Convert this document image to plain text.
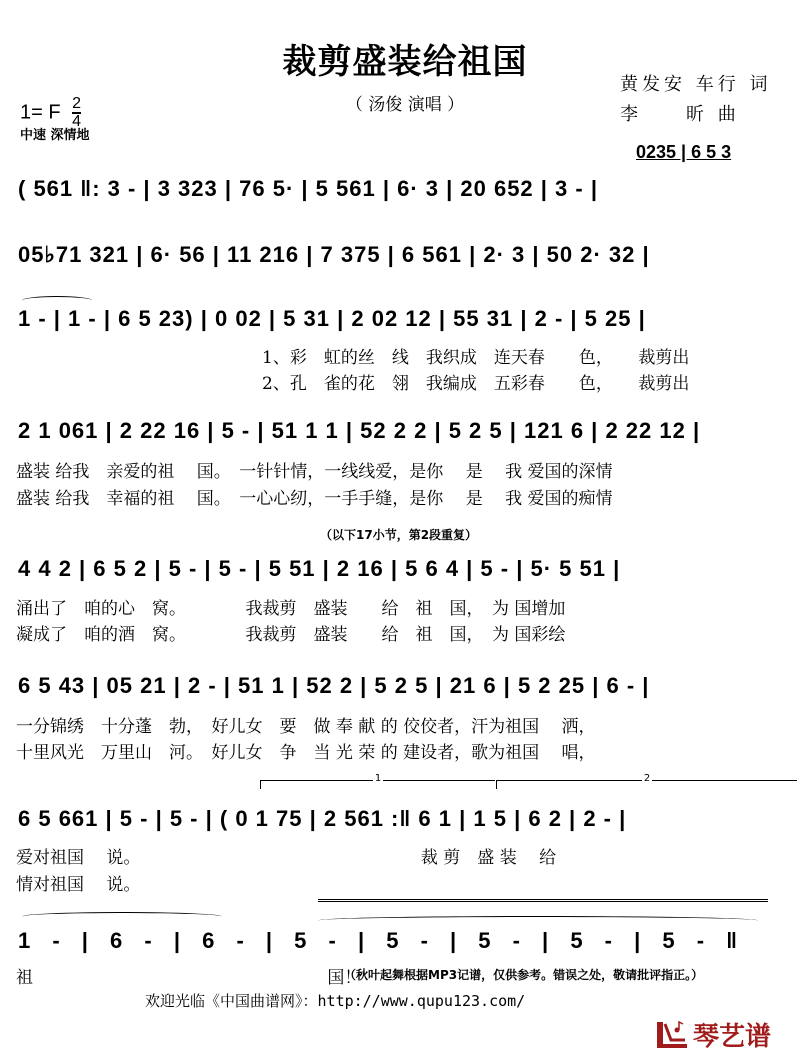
裁剪盛装给祖国
（ 汤俊 演唱 ）
黄发安 车行 词
李　　昕 曲
1= F $\frac{2}{4}$
中速 深情地
0235 | 6 5 3
( 561 ‖: 3 - | 3 323 | 76 5· | 5 561 | 6· 3 | 20 652 | 3 - |
05♭71 321 | 6· 56 | 11 216 | 7 375 | 6 561 | 2· 3 | 50 2· 32 |
1 - | 1 - | 6 5 23) | 0 02 | 5 31 | 2 02 12 | 55 31 | 2 - | 5 25 |
1、彩　虹的丝　线　我织成　连天春　　色，　　裁剪出
2、孔　雀的花　翎　我编成　五彩春　　色，　　裁剪出
2 1 061 | 2 22 16 | 5 - | 51 1 1 | 52 2 2 | 5 2 5 | 121 6 | 2 22 12 |
盛装 给我　亲爱的祖　 国。　一针针情，一线线爱，是你　 是　 我 爱国的深情
盛装 给我　幸福的祖　 国。　一心心纫，一手手缝，是你　 是　 我 爱国的痴情
（以下17小节，第2段重复）
4 4 2 | 6 5 2 | 5 - | 5 - | 5 51 | 2 16 | 5 6 4 | 5 - | 5· 5 51 |
涌出了　咱的心　窝。　　　　我裁剪　盛装　　给　祖　国，　为 国增加
凝成了　咱的酒　窝。　　　　我裁剪　盛装　　给　祖　国，　为 国彩绘
6 5 43 | 05 21 | 2 - | 51 1 | 52 2 | 5 2 5 | 21 6 | 5 2 25 | 6 - |
一分锦绣　十分蓬　勃，　好儿女　要　做 奉 献 的 佼佼者，汗为祖国　 洒，
十里风光　万里山　河。　好儿女　争　当 光 荣 的 建设者，歌为祖国　 唱，
1	2
6 5 661 | 5 - | 5 - | ( 0 1 75 | 2 561 :‖ 6 1 | 1 5 | 6 2 | 2 - |
爱对祖国　 说。　　　　　　　　　　　　　　　　　裁 剪　盛 装　 给
情对祖国　 说。
1 - | 6 - | 6 - | 5 - | 5 - | 5 - | 5 - | 5 - ‖
祖　　　　　　　　　　　　　　　　　 国！
（秋叶起舞根据MP3记谱，仅供参考。错误之处，敬请批评指正。）
欢迎光临《中国曲谱网》：http://www.qupu123.com/
琴艺谱
